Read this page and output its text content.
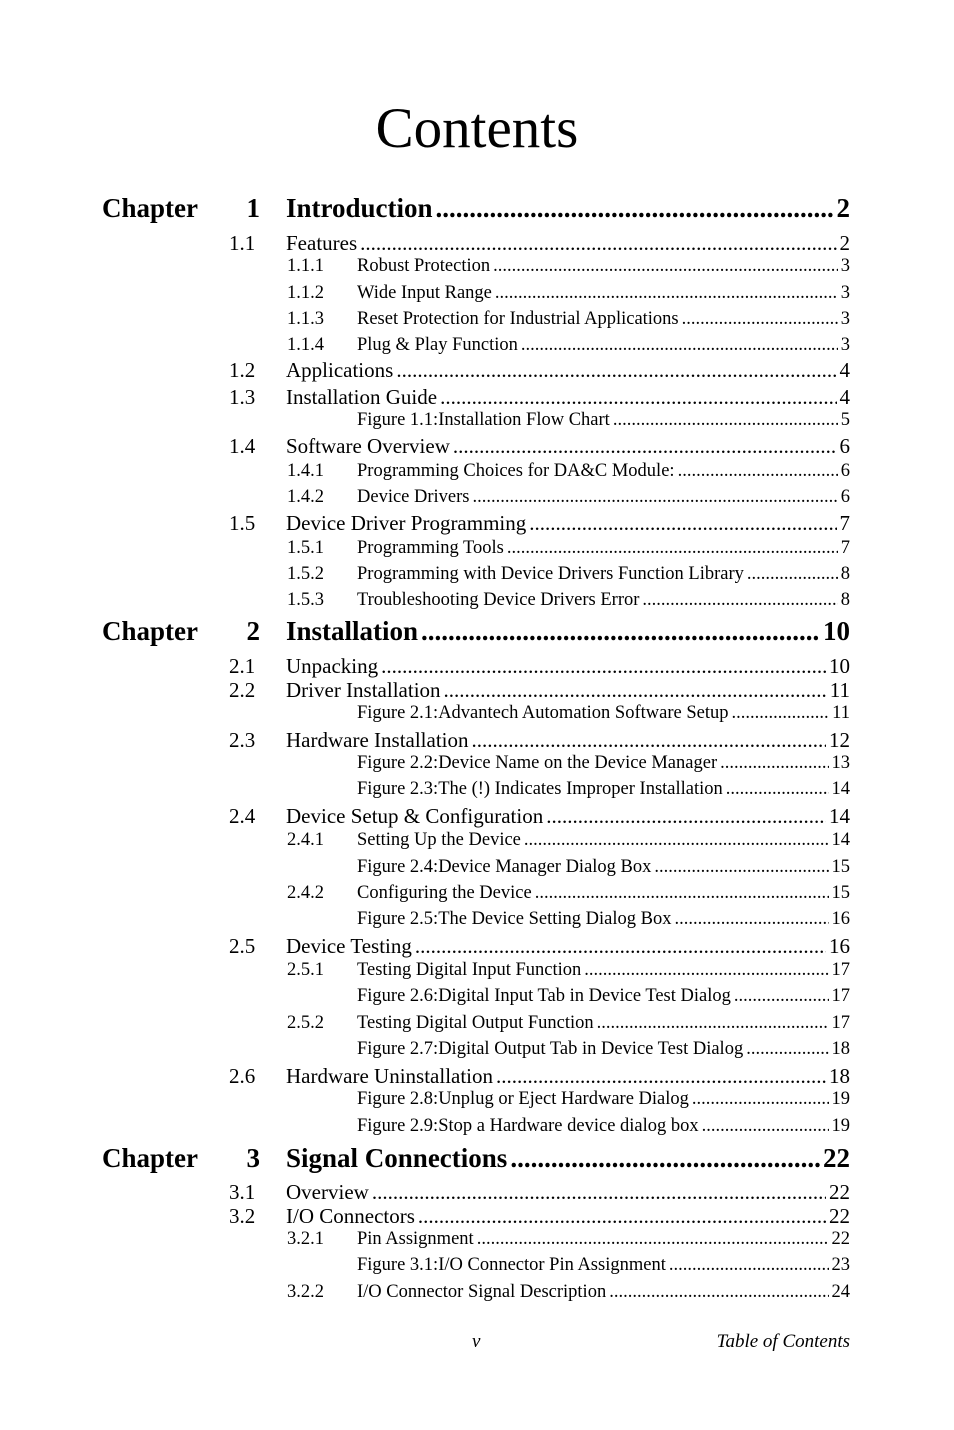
Contents
Chapter	1 Introduction .....	2
1.1 Features .....	2
1.1.1 Robust Protection .....	3
1.1.2 Wide Input Range .....	3
1.1.3 Reset Protection for Industrial Applications .....	3
1.1.4 Plug & Play Function .....	3
1.2 Applications .....	4
1.3 Installation Guide .....	4
Figure 1.1:Installation Flow Chart .....	5
1.4 Software Overview .....	6
1.4.1 Programming Choices for DA&C Module: .....	6
1.4.2 Device Drivers .....	6
1.5 Device Driver Programming .....	7
1.5.1 Programming Tools .....	7
1.5.2 Programming with Device Drivers Function Library .....	8
1.5.3 Troubleshooting Device Drivers Error .....	8
Chapter	2 Installation .....	10
2.1 Unpacking .....	10
2.2 Driver Installation .....	11
Figure 2.1:Advantech Automation Software Setup .....	11
2.3 Hardware Installation .....	12
Figure 2.2:Device Name on the Device Manager .....	13
Figure 2.3:The (!) Indicates Improper Installation .....	14
2.4 Device Setup & Configuration .....	14
2.4.1 Setting Up the Device .....	14
Figure 2.4:Device Manager Dialog Box .....	15
2.4.2 Configuring the Device .....	15
Figure 2.5:The Device Setting Dialog Box .....	16
2.5 Device Testing .....	16
2.5.1 Testing Digital Input Function .....	17
Figure 2.6:Digital Input Tab in Device Test Dialog .....	17
2.5.2 Testing Digital Output Function .....	17
Figure 2.7:Digital Output Tab in Device Test Dialog .....	18
2.6 Hardware Uninstallation .....	18
Figure 2.8:Unplug or Eject Hardware Dialog .....	19
Figure 2.9:Stop a Hardware device dialog box .....	19
Chapter	3 Signal Connections .....	22
3.1 Overview .....	22
3.2 I/O Connectors .....	22
3.2.1 Pin Assignment .....	22
Figure 3.1:I/O Connector Pin Assignment .....	23
3.2.2 I/O Connector Signal Description .....	24
v	Table of Contents
